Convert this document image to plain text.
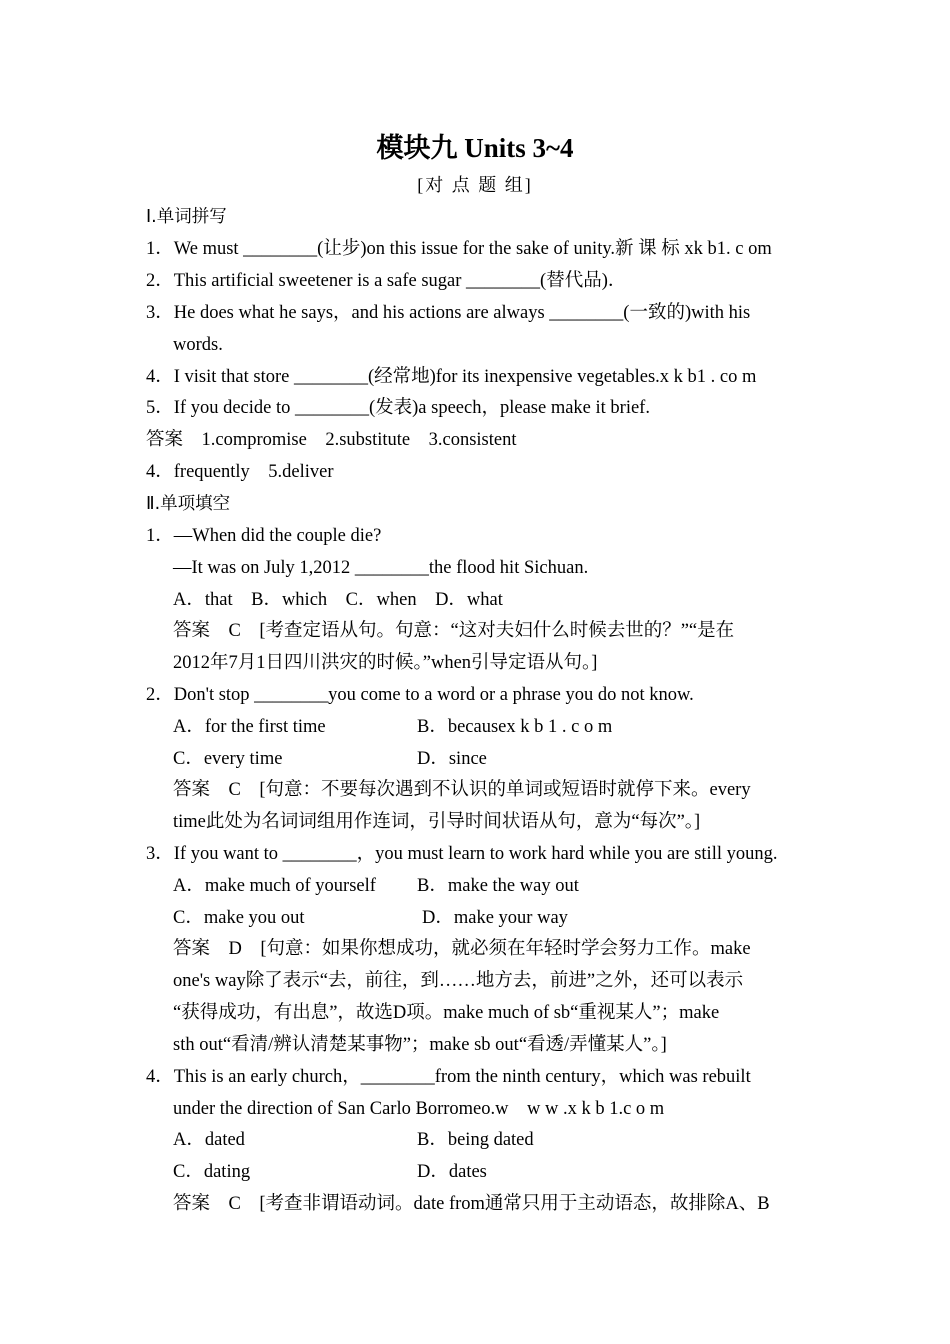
模块九 Units 3~4
[对 点 题 组]
Ⅰ.单词拼写
1．We must ________(让步)on this issue for the sake of unity.新 课 标 xk b1. c om
2．This artificial sweetener is a safe sugar ________(替代品)．
3．He does what he says，and his actions are always ________(一致的)with his
words.
4．I visit that store ________(经常地)for its inexpensive vegetables.x k b1 . co m
5．If you decide to ________(发表)a speech，please make it brief.
答案　1.compromise　2.substitute　3.consistent
4．frequently　5.deliver
Ⅱ.单项填空
1．—When did the couple die?
—It was on July 1,2012 ________the flood hit Sichuan.
A．that　B．which　C．when　D．what
答案　C　[考查定语从句。句意：“这对夫妇什么时候去世的？”“是在
2012年7月1日四川洪灾的时候。”when引导定语从句。]
2．Don't stop ________you come to a word or a phrase you do not know.
A．for the first time	B．becausex k b 1 . c o m
C．every time	D．since
答案　C　[句意：不要每次遇到不认识的单词或短语时就停下来。every
time此处为名词词组用作连词，引导时间状语从句，意为“每次”。]
3．If you want to ________，you must learn to work hard while you are still young.
A．make much of yourself B．make the way out
C．make you out	D．make your way
答案　D　[句意：如果你想成功，就必须在年轻时学会努力工作。make
one's way除了表示“去，前往，到……地方去，前进”之外，还可以表示
“获得成功，有出息”，故选D项。make much of sb“重视某人”；make
sth out“看清/辨认清楚某事物”；make sb out“看透/弄懂某人”。]
4．This is an early church，________from the ninth century，which was rebuilt
under the direction of San Carlo Borromeo.w　w w .x k b 1.c o m
A．dated	B．being dated
C．dating	D．dates
答案　C　[考查非谓语动词。date from通常只用于主动语态，故排除A、B
